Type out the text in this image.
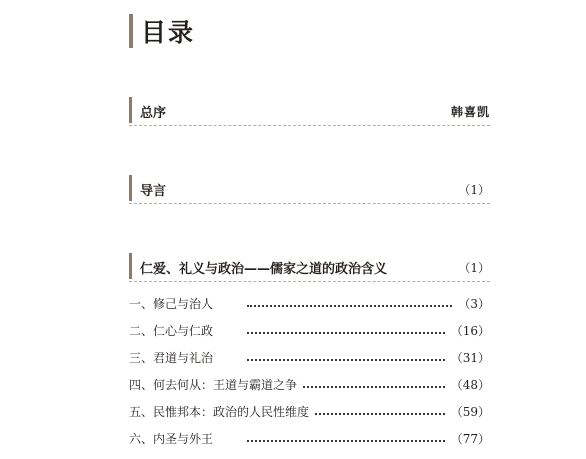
目录
总序	韩喜凯
导言	（1）
仁爱、礼义与政治——儒家之道的政治含义	（1）
一、修己与治人	（3）
二、仁心与仁政	（16）
三、君道与礼治	（31）
四、何去何从：王道与霸道之争	（48）
五、民惟邦本：政治的人民性维度	（59）
六、内圣与外王	（77）
